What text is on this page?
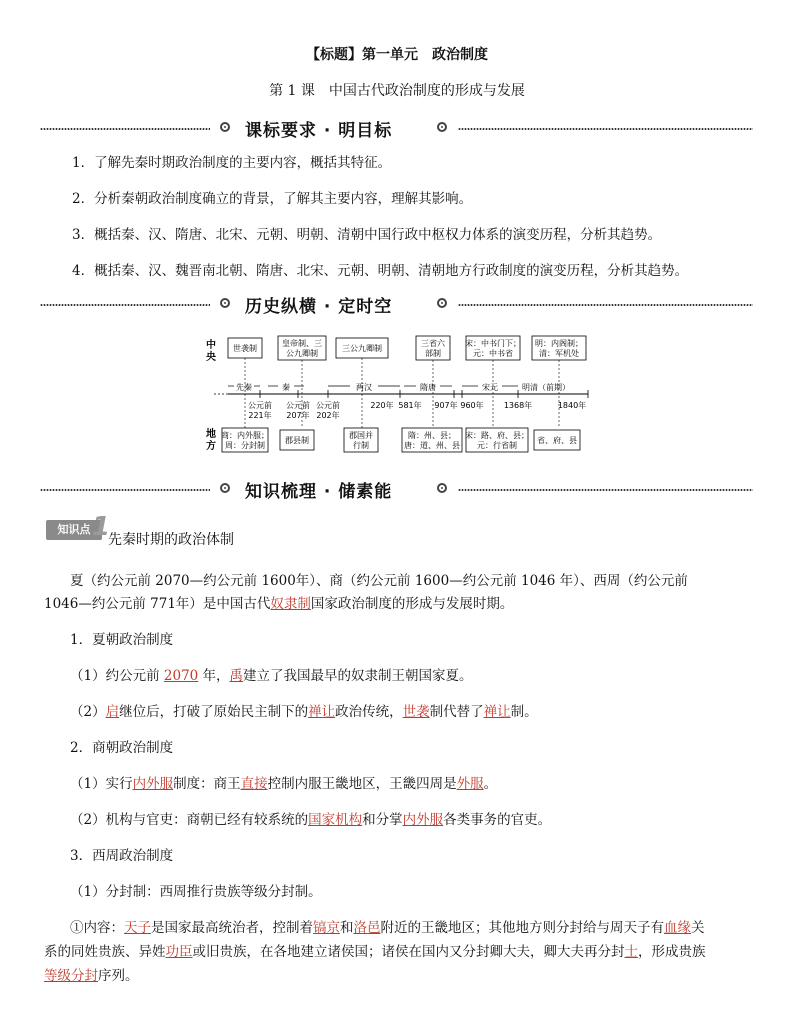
【标题】第一单元　政治制度
第 1 课　中国古代政治制度的形成与发展
课标要求 · 明目标
1．了解先秦时期政治制度的主要内容，概括其特征。
2．分析秦朝政治制度确立的背景，了解其主要内容，理解其影响。
3．概括秦、汉、隋唐、北宋、元朝、明朝、清朝中国行政中枢权力体系的演变历程，分析其趋势。
4．概括秦、汉、魏晋南北朝、隋唐、北宋、元朝、明朝、清朝地方行政制度的演变历程，分析其趋势。
历史纵横 · 定时空
中
央
地
方
世袭制
皇帝制、三
公九卿制
三公九卿制
三省六
部制
宋：中书门下；
元：中书省
明：内阁制；
清：军机处
先秦	秦	两汉	隋唐	宋元	明清（前期）
公元前
221年
公元前
207年
公元前
202年
220年 581年 907年 960年	1368年	1840年
商：内外服；
周：分封制
郡县制
郡国并
行制
隋：州、县；
唐：道、州、县
宋：路、府、县；
元：行省制
省、府、县
知识梳理 · 储素能
知识点 1
先秦时期的政治体制
夏（约公元前 2070—约公元前 1600年）、商（约公元前 1600—约公元前 1046 年）、西周（约公元前
1046—约公元前 771年）是中国古代奴隶制国家政治制度的形成与发展时期。
1．夏朝政治制度
（1）约公元前 2070 年，禹建立了我国最早的奴隶制王朝国家夏。
（2）启继位后，打破了原始民主制下的禅让政治传统，世袭制代替了禅让制。
2．商朝政治制度
（1）实行内外服制度：商王直接控制内服王畿地区，王畿四周是外服。
（2）机构与官吏：商朝已经有较系统的国家机构和分掌内外服各类事务的官吏。
3．西周政治制度
（1）分封制：西周推行贵族等级分封制。
①内容：天子是国家最高统治者，控制着镐京和洛邑附近的王畿地区；其他地方则分封给与周天子有血缘关
系的同姓贵族、异姓功臣或旧贵族，在各地建立诸侯国；诸侯在国内又分封卿大夫，卿大夫再分封士，形成贵族
等级分封序列。
